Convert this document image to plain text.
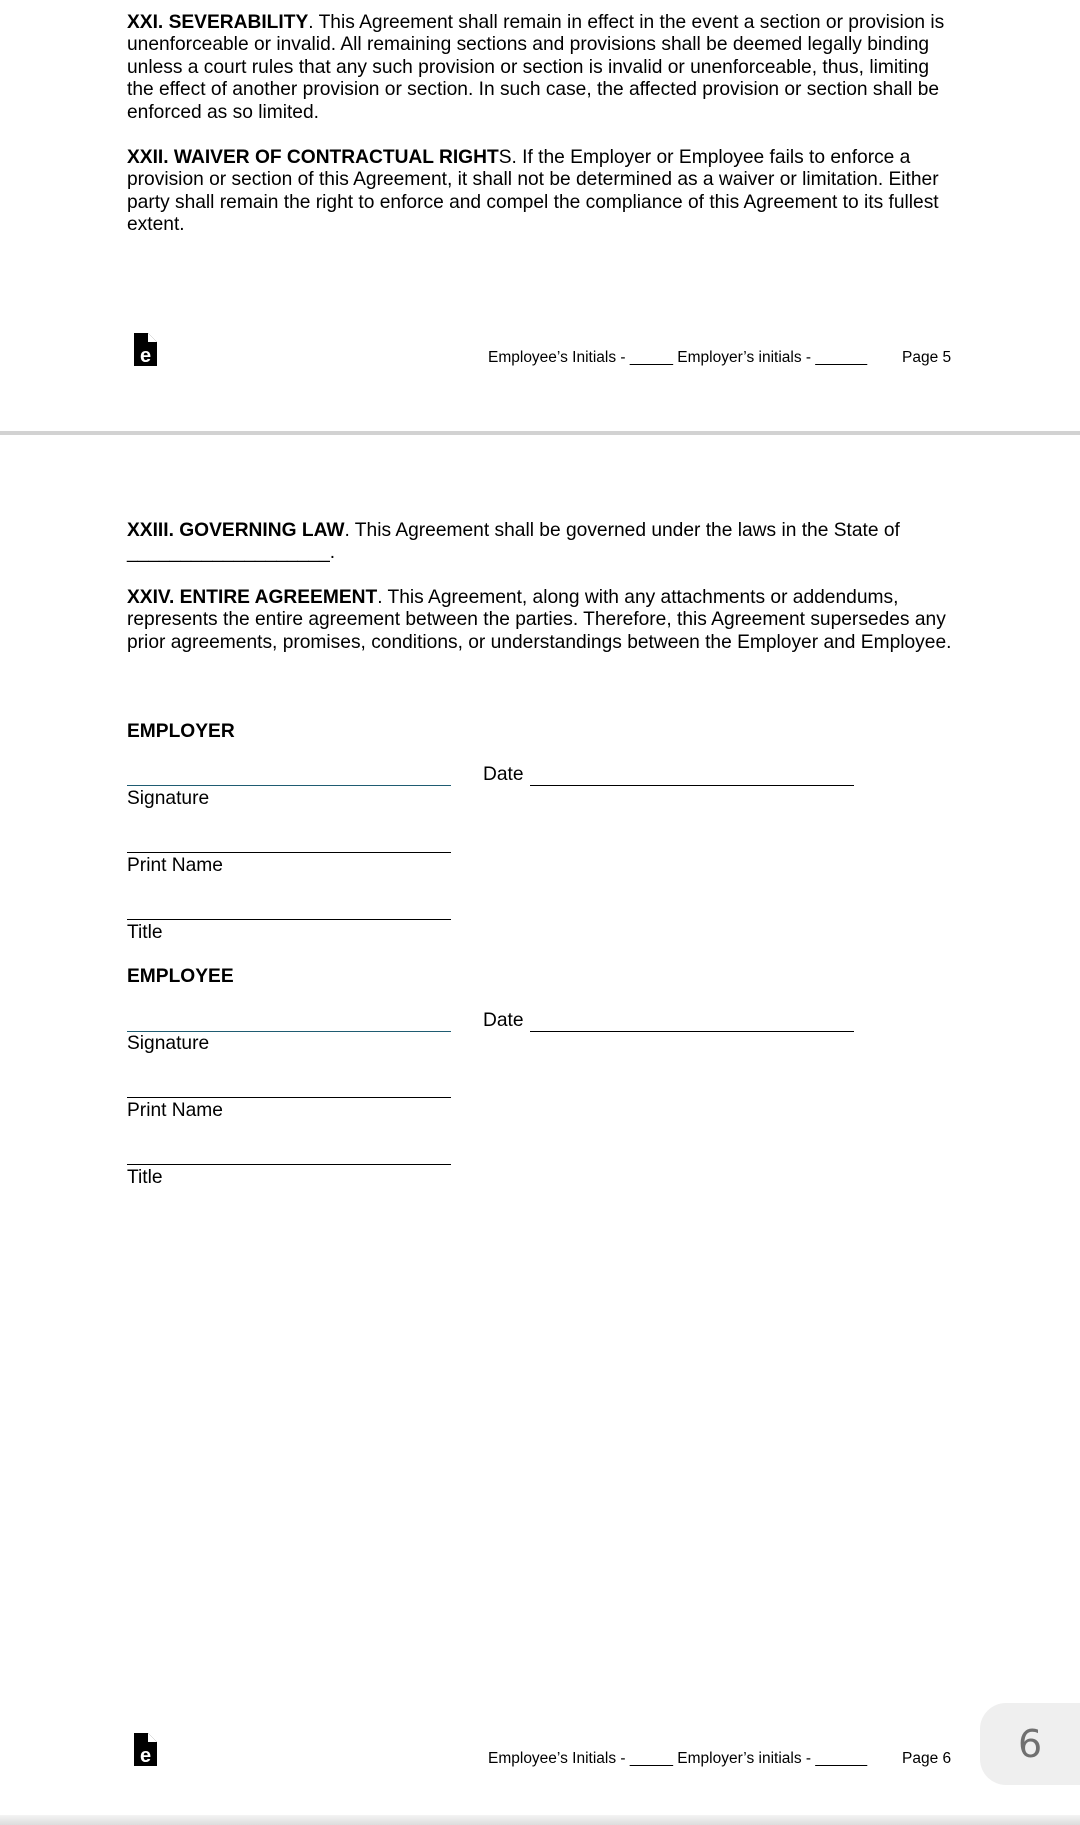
XXI. SEVERABILITY. This Agreement shall remain in effect in the event a section or provision is unenforceable or invalid. All remaining sections and provisions shall be deemed legally binding unless a court rules that any such provision or section is invalid or unenforceable, thus, limiting the effect of another provision or section. In such case, the affected provision or section shall be enforced as so limited.

XXII. WAIVER OF CONTRACTUAL RIGHTS. If the Employer or Employee fails to enforce a provision or section of this Agreement, it shall not be determined as a waiver or limitation. Either party shall remain the right to enforce and compel the compliance of this Agreement to its fullest extent.

e	Employee’s Initials - _____ Employer’s initials - ______ Page 5

XXIII. GOVERNING LAW. This Agreement shall be governed under the laws in the State of
___________________.

XXIV. ENTIRE AGREEMENT. This Agreement, along with any attachments or addendums, represents the entire agreement between the parties. Therefore, this Agreement supersedes any prior agreements, promises, conditions, or understandings between the Employer and Employee.

EMPLOYER
Date
Signature
Print Name
Title
EMPLOYEE
Date
Signature
Print Name
Title
e	Employee’s Initials - _____ Employer’s initials - ______ Page 6	6
